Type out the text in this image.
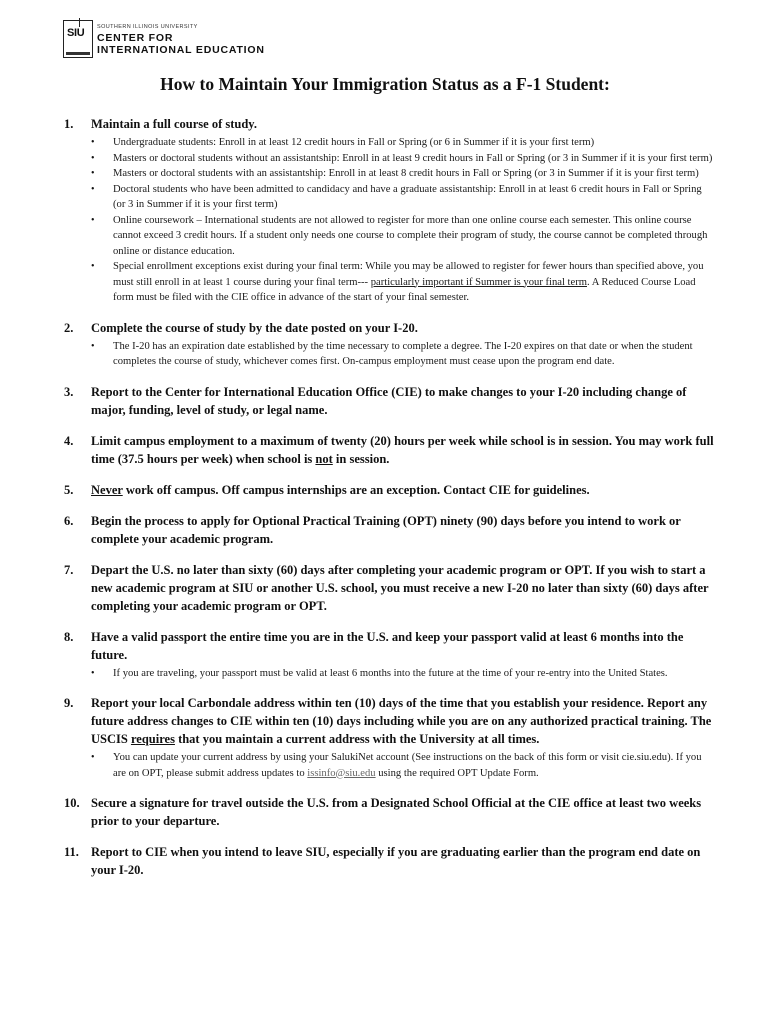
SIU SOUTHERN ILLINOIS UNIVERSITY
CENTER FOR
INTERNATIONAL EDUCATION
How to Maintain Your Immigration Status as a F-1 Student:
1.	Maintain a full course of study.
• Undergraduate students: Enroll in at least 12 credit hours in Fall or Spring (or 6 in Summer if it is your first term)
• Masters or doctoral students without an assistantship: Enroll in at least 9 credit hours in Fall or Spring (or 3 in Summer if it is your first term)
• Masters or doctoral students with an assistantship: Enroll in at least 8 credit hours in Fall or Spring (or 3 in Summer if it is your first term)
• Doctoral students who have been admitted to candidacy and have a graduate assistantship: Enroll in at least 6 credit hours in Fall or Spring (or 3 in Summer if it is your first term)
• Online coursework – International students are not allowed to register for more than one online course each semester. This online course cannot exceed 3 credit hours. If a student only needs one course to complete their program of study, the course cannot be completed through online or distance education.
• Special enrollment exceptions exist during your final term: While you may be allowed to register for fewer hours than specified above, you must still enroll in at least 1 course during your final term--- particularly important if Summer is your final term. A Reduced Course Load form must be filed with the CIE office in advance of the start of your final semester.
2.	Complete the course of study by the date posted on your I-20.
• The I-20 has an expiration date established by the time necessary to complete a degree. The I-20 expires on that date or when the student completes the course of study, whichever comes first. On-campus employment must cease upon the program end date.
3.	Report to the Center for International Education Office (CIE) to make changes to your I-20 including change of major, funding, level of study, or legal name.
4.	Limit campus employment to a maximum of twenty (20) hours per week while school is in session. You may work full time (37.5 hours per week) when school is not in session.
5.	Never work off campus. Off campus internships are an exception. Contact CIE for guidelines.
6.	Begin the process to apply for Optional Practical Training (OPT) ninety (90) days before you intend to work or complete your academic program.
7.	Depart the U.S. no later than sixty (60) days after completing your academic program or OPT. If you wish to start a new academic program at SIU or another U.S. school, you must receive a new I-20 no later than sixty (60) days after completing your academic program or OPT.
8.	Have a valid passport the entire time you are in the U.S. and keep your passport valid at least 6 months into the future.
• If you are traveling, your passport must be valid at least 6 months into the future at the time of your re-entry into the United States.
9.	Report your local Carbondale address within ten (10) days of the time that you establish your residence. Report any future address changes to CIE within ten (10) days including while you are on any authorized practical training. The USCIS requires that you maintain a current address with the University at all times.
• You can update your current address by using your SalukiNet account (See instructions on the back of this form or visit cie.siu.edu). If you are on OPT, please submit address updates to issinfo@siu.edu using the required OPT Update Form.
10. Secure a signature for travel outside the U.S. from a Designated School Official at the CIE office at least two weeks prior to your departure.
11. Report to CIE when you intend to leave SIU, especially if you are graduating earlier than the program end date on your I-20.
